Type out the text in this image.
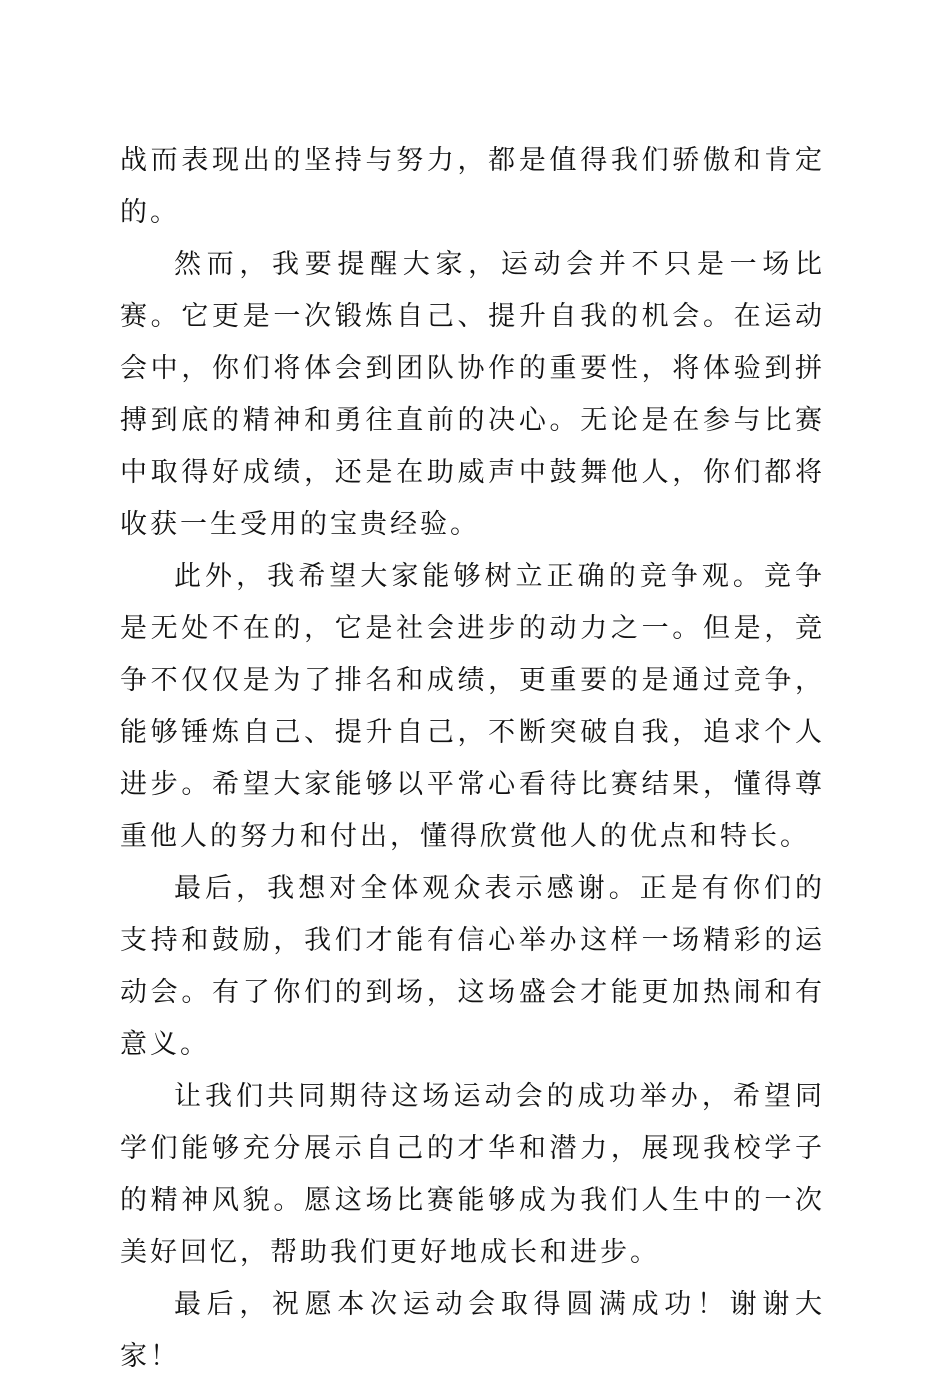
战而表现出的坚持与努力，都是值得我们骄傲和肯定的。

然而，我要提醒大家，运动会并不只是一场比赛。它更是一次锻炼自己、提升自我的机会。在运动会中，你们将体会到团队协作的重要性，将体验到拼搏到底的精神和勇往直前的决心。无论是在参与比赛中取得好成绩，还是在助威声中鼓舞他人，你们都将收获一生受用的宝贵经验。

此外，我希望大家能够树立正确的竞争观。竞争是无处不在的，它是社会进步的动力之一。但是，竞争不仅仅是为了排名和成绩，更重要的是通过竞争，能够锤炼自己、提升自己，不断突破自我，追求个人进步。希望大家能够以平常心看待比赛结果，懂得尊重他人的努力和付出，懂得欣赏他人的优点和特长。

最后，我想对全体观众表示感谢。正是有你们的支持和鼓励，我们才能有信心举办这样一场精彩的运动会。有了你们的到场，这场盛会才能更加热闹和有意义。

让我们共同期待这场运动会的成功举办，希望同学们能够充分展示自己的才华和潜力，展现我校学子的精神风貌。愿这场比赛能够成为我们人生中的一次美好回忆，帮助我们更好地成长和进步。

最后，祝愿本次运动会取得圆满成功！谢谢大家！
